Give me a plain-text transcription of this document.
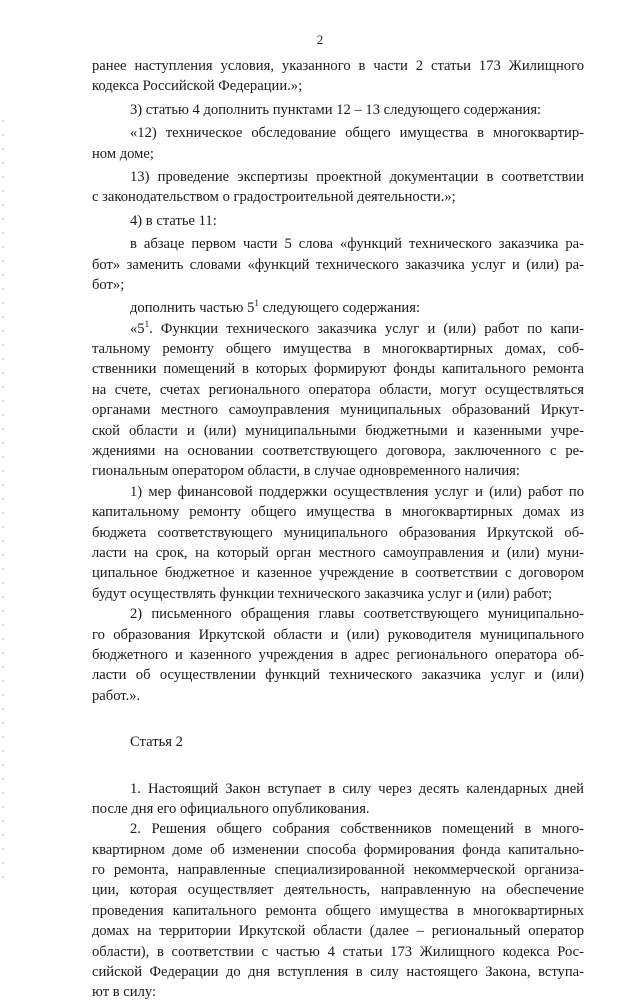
2
ранее наступления условия, указанного в части 2 статьи 173 Жилищного
кодекса Российской Федерации.»;
3) статью 4 дополнить пунктами 12 – 13 следующего содержания:
«12) техническое обследование общего имущества в многоквартир-
ном доме;
13) проведение экспертизы проектной документации в соответствии
с законодательством о градостроительной деятельности.»;
4) в статье 11:
в абзаце первом части 5 слова «функций технического заказчика ра-
бот» заменить словами «функций технического заказчика услуг и (или) ра-
бот»;
дополнить частью $5^1$ следующего содержания:
«$5^1$. Функции технического заказчика услуг и (или) работ по капи-
тальному ремонту общего имущества в многоквартирных домах, соб-
ственники помещений в которых формируют фонды капитального ремонта
на счете, счетах регионального оператора области, могут осуществляться
органами местного самоуправления муниципальных образований Иркут-
ской области и (или) муниципальными бюджетными и казенными учре-
ждениями на основании соответствующего договора, заключенного с ре-
гиональным оператором области, в случае одновременного наличия:
1) мер финансовой поддержки осуществления услуг и (или) работ по
капитальному ремонту общего имущества в многоквартирных домах из
бюджета соответствующего муниципального образования Иркутской об-
ласти на срок, на который орган местного самоуправления и (или) муни-
ципальное бюджетное и казенное учреждение в соответствии с договором
будут осуществлять функции технического заказчика услуг и (или) работ;
2) письменного обращения главы соответствующего муниципально-
го образования Иркутской области и (или) руководителя муниципального
бюджетного и казенного учреждения в адрес регионального оператора об-
ласти об осуществлении функций технического заказчика услуг и (или)
работ.».
Статья 2
1. Настоящий Закон вступает в силу через десять календарных дней
после дня его официального опубликования.
2. Решения общего собрания собственников помещений в много-
квартирном доме об изменении способа формирования фонда капитально-
го ремонта, направленные специализированной некоммерческой организа-
ции, которая осуществляет деятельность, направленную на обеспечение
проведения капитального ремонта общего имущества в многоквартирных
домах на территории Иркутской области (далее – региональный оператор
области), в соответствии с частью 4 статьи 173 Жилищного кодекса Рос-
сийской Федерации до дня вступления в силу настоящего Закона, вступа-
ют в силу:
